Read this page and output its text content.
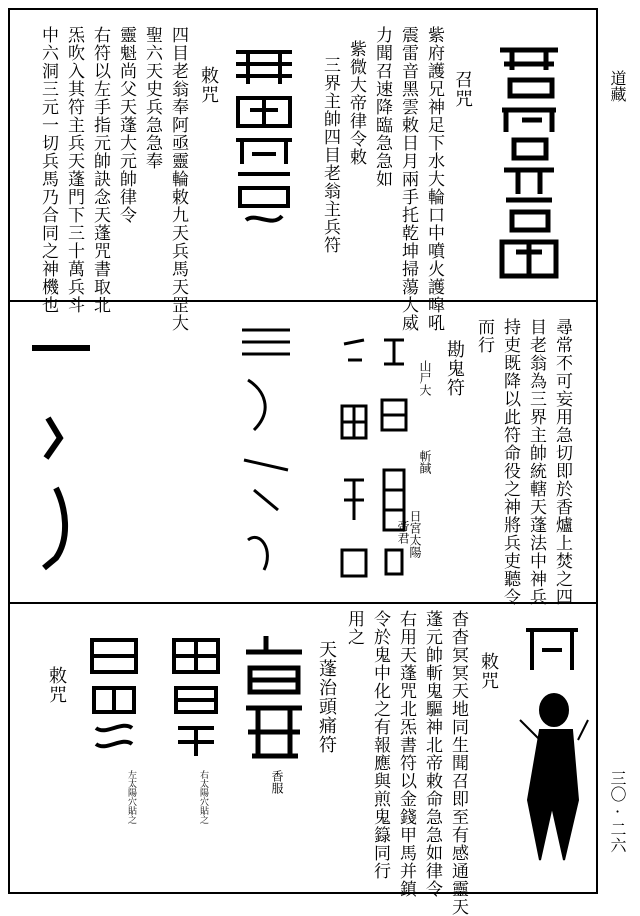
道藏
三〇·二六
召咒
紫府護兄神足下水大輪口中噴火護嘷吼
震雷音黑雲敕日月兩手托乾坤掃蕩大威
力聞召速降臨急急如
紫微大帝律令敕
三界主帥四目老翁主兵符
敕咒
四目老翁奉阿亟靈輪敕九天兵馬天罡大
聖六天史兵急急奉
靈魁尚父天蓬大元帥律令
右符以左手指元帥訣念天蓬咒書取北
炁吹入其符主兵天蓬門下三十萬兵斗
中六洞三元一切兵馬乃合同之神機也
尋常不可妄用急切即於香爐上焚之四
目老翁為三界主帥統轄天蓬法中神兵
持吏既降以此符命役之神將兵吏聽令
而行
勘鬼符
斬馘
日宮太陽
帝君
山尸大
敕咒
杳杳冥冥天地同生聞召即至有感通靈天
蓬元帥斬鬼驅神北帝敕命急急如律令
右用天蓬咒北炁書符以金錢甲馬并鎮
令於鬼中化之有報應與煎鬼籙同行
用之
天蓬治頭痛符
香服
右太陽穴貼之
左太陽穴貼之
敕咒
